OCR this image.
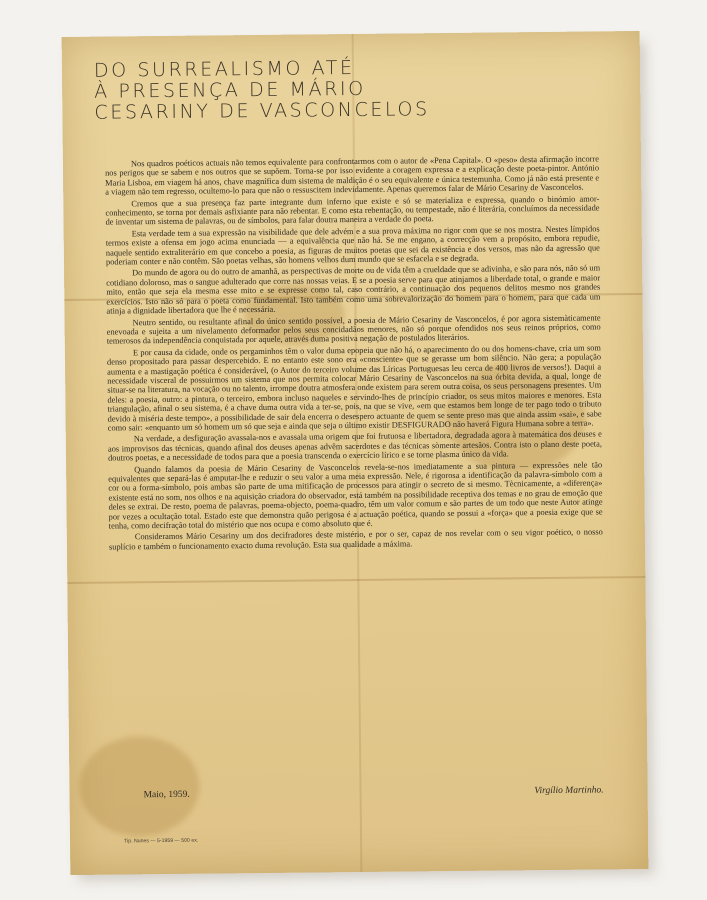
DO SURREALISMO ATÉ
À PRESENÇA DE MÁRIO
CESARINY DE VASCONCELOS

Nos quadros poéticos actuais não temos equivalente para confrontarmos com o autor de «Pena Capital». O «peso» desta afirmação incorre nos perigos que se sabem e nos outros que se supõem. Torna-se por isso evidente a coragem expressa e a explicação deste poeta-pintor. António Maria Lisboa, em viagem há anos, chave magnífica dum sistema de maldição é o seu equivalente e única testemunha. Como já não está presente e a viagem não tem regresso, ocultemo-lo para que não o ressuscitem indevidamente. Apenas queremos falar de Mário Cesariny de Vasconcelos.

Cremos que a sua presença faz parte integrante dum inferno que existe e só se materializa e expressa, quando o binómio amor-conhecimento, se torna por demais asfixiante para não rebentar. E como esta rebentação, ou tempestade, não é literária, concluímos da necessidade de inventar um sistema de palavras, ou de símbolos, para falar doutra maneira a verdade do poeta.

Esta verdade tem a sua expressão na visibilidade que dele advém e a sua prova máxima no rigor com que se nos mostra. Nestes límpidos termos existe a ofensa em jogo acima enunciada — a equivalência que não há. Se me engano, a correcção vem a propósito, embora repudie, naquele sentido extraliterário em que concebo a poesia, as figuras de muitos poetas que sei da existência e dos versos, mas não da agressão que poderiam conter e não contêm. São poetas velhas, são homens velhos dum mundo que se esfacela e se degrada.

Do mundo de agora ou do outro de amanhã, as perspectivas de morte ou de vida têm a crueldade que se adivinha, e são para nós, não só um cotidiano doloroso, mas o sangue adulterado que corre nas nossas veias. E se a poesia serve para que atinjamos a liberdade total, o grande e maior mito, então que seja ela mesma esse mito e se expresse como tal, caso contrário, a continuação dos pequenos delitos mesmo nos grandes exercícios. Isto não só para o poeta como fundamental. Isto também como uma sobrevalorização do homem para o homem, para que cada um atinja a dignidade libertadora que lhe é necessária.

Neutro sentido, ou resultante afinal do único sentido possível, a poesia de Mário Cesariny de Vasconcelos, é por agora sistemàticamente enevoada e sujeita a um nivelamento deformador pelos seus concidadãos menores, não só porque ofendidos nos seus reinos próprios, como temerosos da independência conquistada por aquele, através duma positiva negação de postulados literários.

E por causa da cidade, onde os pergaminhos têm o valor duma epopeia que não há, o aparecimento do ou dos homens-chave, cria um som denso propositado para passar despercebido. E no entanto este sono era «consciente» que se gerasse um bom silêncio. Não gera; a população aumenta e a mastigação poética é considerável, (o Autor do terceiro volume das Líricas Portuguesas leu cerca de 400 livros de versos!). Daqui a necessidade visceral de possuirmos um sistema que nos permita colocar Mário Cesariny de Vasconcelos na sua órbita devida, a qual, longe de situar-se na literatura, na vocação ou no talento, irrompe doutra atmosfera onde existem para serem outra coisa, os seus personagens presentes. Um deles: a poesia, outro: a pintura, o terceiro, embora incluso naqueles e servindo-lhes de princípio criador, os seus mitos maiores e menores. Esta triangulação, afinal o seu sistema, é a chave duma outra vida a ter-se, pois, na que se vive, «em que estamos bem longe de ter pago todo o tributo devido à miséria deste tempo», a possibilidade de sair dela encerra o desespero actuante de quem se sente preso mas que ainda assim «sai», e sabe como sair: «enquanto um só homem um só que seja e ainda que seja o último existir DESFIGURADO não haverá Figura Humana sobre a terra».

Na verdade, a desfiguração avassala-nos e avassala uma origem que foi frutuosa e libertadora, degradada agora à matemática dos deuses e aos improvisos das técnicas, quando afinal dos deuses apenas advêm sacerdotes e das técnicas sòmente artesãos. Contra isto o plano deste poeta, doutros poetas, e a necessidade de todos para que a poesia transcenda o exercício lírico e se torne plasma único da vida.

Quando falamos da poesia de Mário Cesariny de Vasconcelos revela-se-nos imediatamente a sua pintura — expressões nele tão equivalentes que separá-las é amputar-lhe e reduzir o seu valor a uma meia expressão. Nele, é rigorosa a identificação da palavra-símbolo com a cor ou a forma-símbolo, pois ambas são parte de uma mitificação de processos para atingir o secreto de si mesmo. Tècnicamente, a «diferença» existente está no som, nos olhos e na aquisição criadora do observador, está também na possibilidade receptiva dos temas e no grau de emoção que deles se extrai. De resto, poema de palavras, poema-objecto, poema-quadro, têm um valor comum e são partes de um todo que neste Autor atinge por vezes a ocultação total. Estado este que demonstra quão perigosa é a actuação poética, quando se possui a «força» que a poesia exige que se tenha, como decifração total do mistério que nos ocupa e como absoluto que é.

Consideramos Mário Cesariny um dos decifradores deste mistério, e por o ser, capaz de nos revelar com o seu vigor poético, o nosso suplício e também o funcionamento exacto duma revolução. Esta sua qualidade a máxima.

Maio, 1959.	Virgílio Martinho.
Tip. Nunes — 5-1959 — 500 ex.
